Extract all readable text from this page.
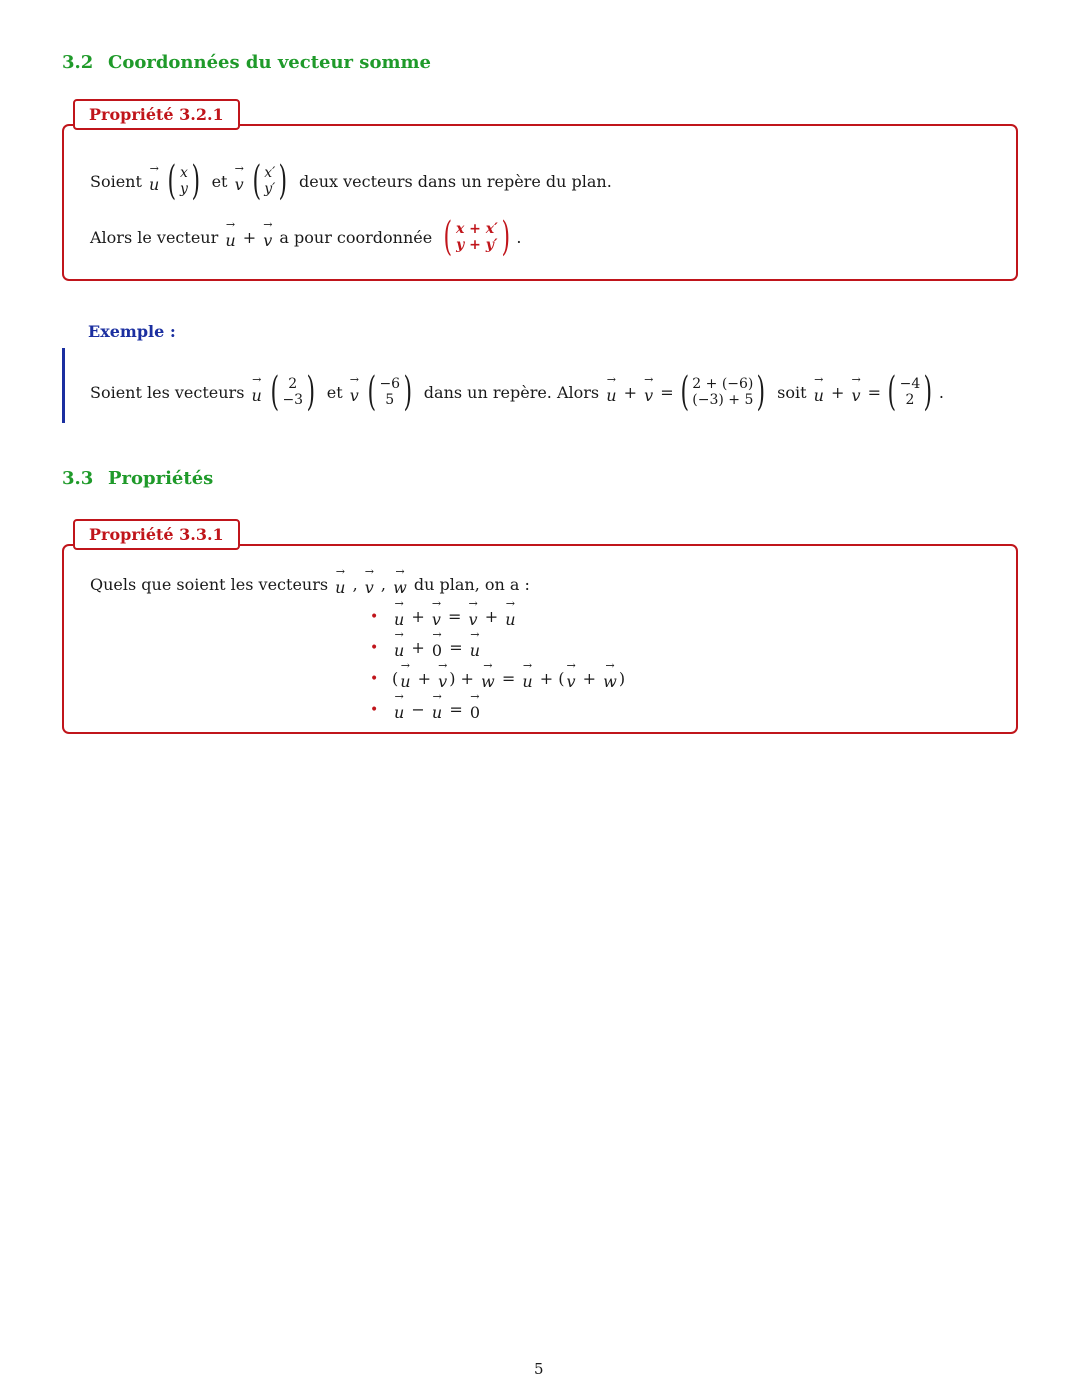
3.2 Coordonnées du vecteur somme
Propriété 3.2.1
Soient
→ u ( x
y )
et
→ v ( x′
y′ )
deux vecteurs dans un repère du plan.
Alors le vecteur
→ u
+
→ v
a pour coordonnée
( x + x′
y + y′ ) .
Exemple :
Soient les vecteurs
→ u ( 2
−3 )
et
→ v ( −6
5 )
dans un repère. Alors
→ u
+
→ v
= ( 2 + (−6)
(−3) + 5 )
soit
→ u
+
→ v
= ( −4
2 ) .
3.3 Propriétés
Propriété 3.3.1
Quels que soient les vecteurs
→ u
,
→ v
,
→ w
du plan, on a :
• → u
+
→ v
=
→ v
+
→ u
• → u
+
→ 0
=
→ u
• ( → u
+
→ v )
+
→ w
=
→ u
+
( → v
+
→ w )
• → u
−
→ u
=
→ 0
5
